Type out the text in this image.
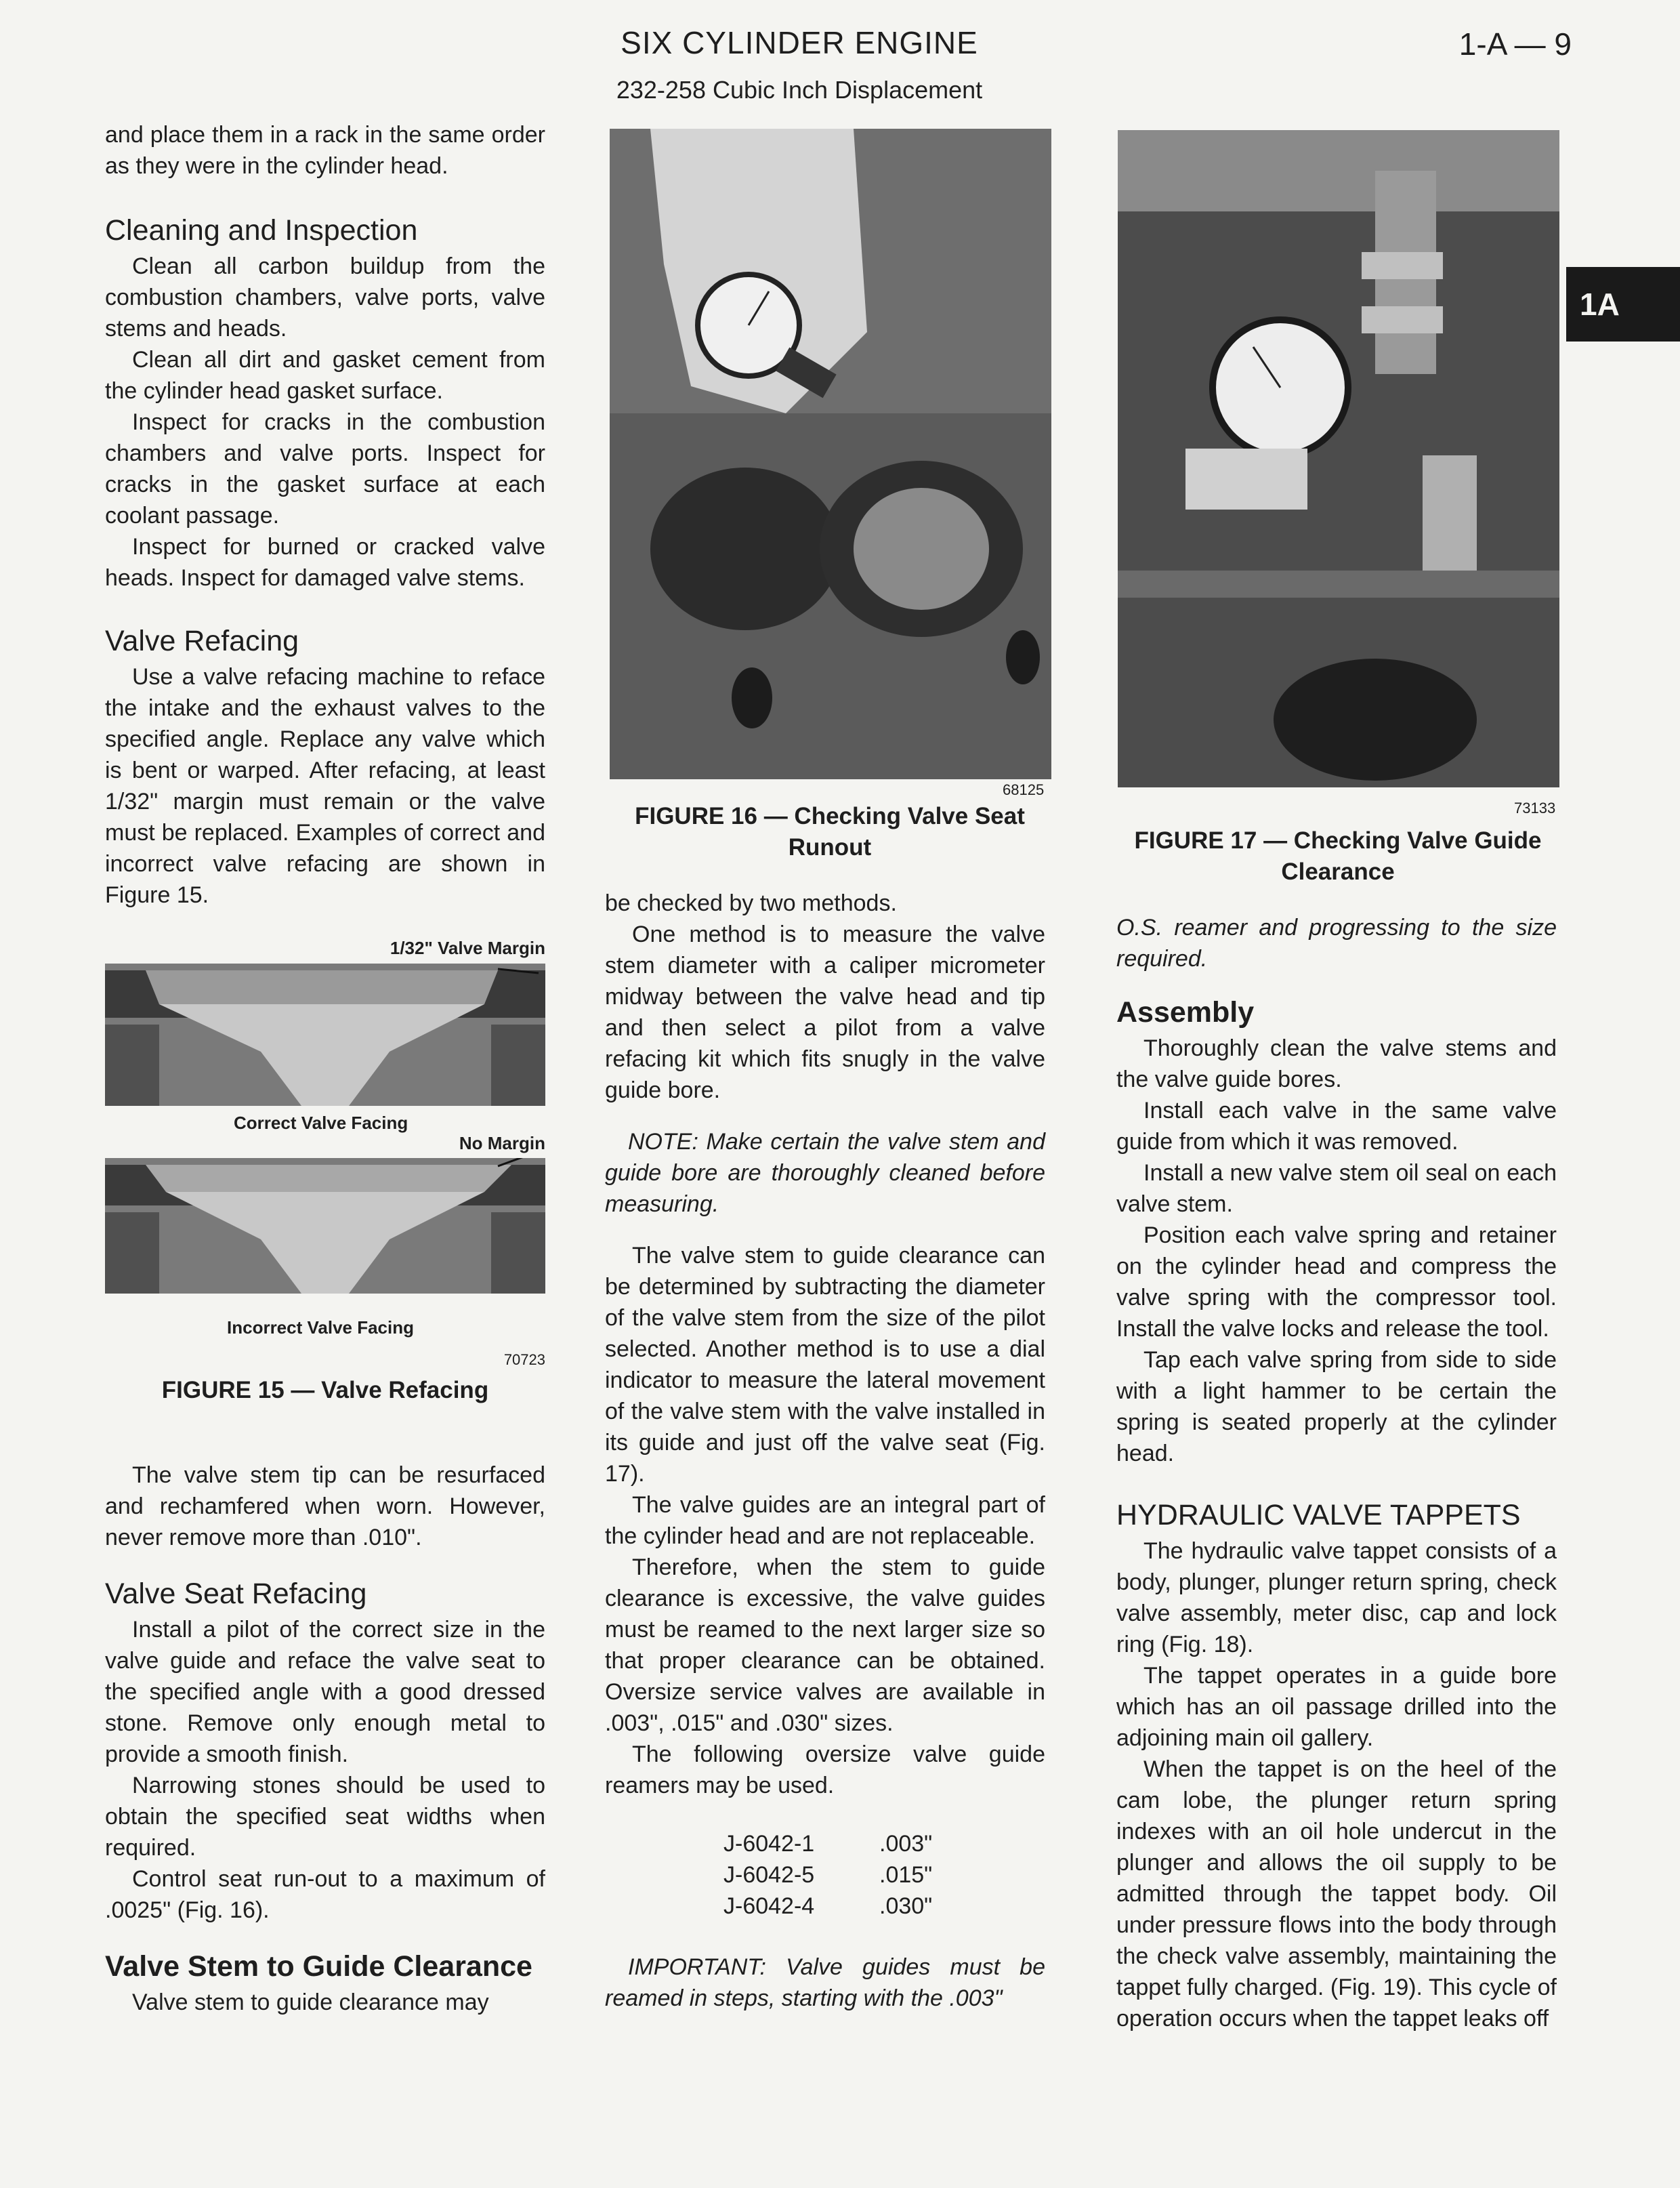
SIX CYLINDER ENGINE
232-258 Cubic Inch Displacement
1-A — 9
1A

and place them in a rack in the same order as they were in the cylinder head.

Cleaning and Inspection

Clean all carbon buildup from the combustion chambers, valve ports, valve stems and heads.

Clean all dirt and gasket cement from the cylinder head gasket surface.

Inspect for cracks in the combustion chambers and valve ports. Inspect for cracks in the gasket surface at each coolant passage.

Inspect for burned or cracked valve heads. Inspect for damaged valve stems.

Valve Refacing

Use a valve refacing machine to reface the intake and the exhaust valves to the specified angle. Replace any valve which is bent or warped. After refacing, at least 1/32" margin must remain or the valve must be replaced. Examples of correct and incorrect valve refacing are shown in Figure 15.

1/32" Valve Margin
Correct Valve Facing
No Margin
Incorrect Valve Facing
70723
FIGURE 15 — Valve Refacing

The valve stem tip can be resurfaced and rechamfered when worn. However, never remove more than .010".

Valve Seat Refacing

Install a pilot of the correct size in the valve guide and reface the valve seat to the specified angle with a good dressed stone. Remove only enough metal to provide a smooth finish.

Narrowing stones should be used to obtain the specified seat widths when required.

Control seat run-out to a maximum of .0025" (Fig. 16).

Valve Stem to Guide Clearance

Valve stem to guide clearance may

68125
FIGURE 16 — Checking Valve Seat Runout

be checked by two methods.

One method is to measure the valve stem diameter with a caliper micrometer midway between the valve head and tip and then select a pilot from a valve refacing kit which fits snugly in the valve guide bore.

NOTE: Make certain the valve stem and guide bore are thoroughly cleaned before measuring.

The valve stem to guide clearance can be determined by subtracting the diameter of the valve stem from the size of the pilot selected. Another method is to use a dial indicator to measure the lateral movement of the valve stem with the valve installed in its guide and just off the valve seat (Fig. 17).

The valve guides are an integral part of the cylinder head and are not replaceable.

Therefore, when the stem to guide clearance is excessive, the valve guides must be reamed to the next larger size so that proper clearance can be obtained. Oversize service valves are available in .003", .015" and .030" sizes.

The following oversize valve guide reamers may be used.

J-6042-1	.003"
J-6042-5	.015"
J-6042-4	.030"

IMPORTANT: Valve guides must be reamed in steps, starting with the .003"

73133
FIGURE 17 — Checking Valve Guide Clearance

O.S. reamer and progressing to the size required.

Assembly

Thoroughly clean the valve stems and the valve guide bores.

Install each valve in the same valve guide from which it was removed.

Install a new valve stem oil seal on each valve stem.

Position each valve spring and retainer on the cylinder head and compress the valve spring with the compressor tool. Install the valve locks and release the tool.

Tap each valve spring from side to side with a light hammer to be certain the spring is seated properly at the cylinder head.

HYDRAULIC VALVE TAPPETS

The hydraulic valve tappet consists of a body, plunger, plunger return spring, check valve assembly, meter disc, cap and lock ring (Fig. 18).

The tappet operates in a guide bore which has an oil passage drilled into the adjoining main oil gallery.

When the tappet is on the heel of the cam lobe, the plunger return spring indexes with an oil hole undercut in the plunger and allows the oil supply to be admitted through the tappet body. Oil under pressure flows into the body through the check valve assembly, maintaining the tappet fully charged. (Fig. 19). This cycle of operation occurs when the tappet leaks off
